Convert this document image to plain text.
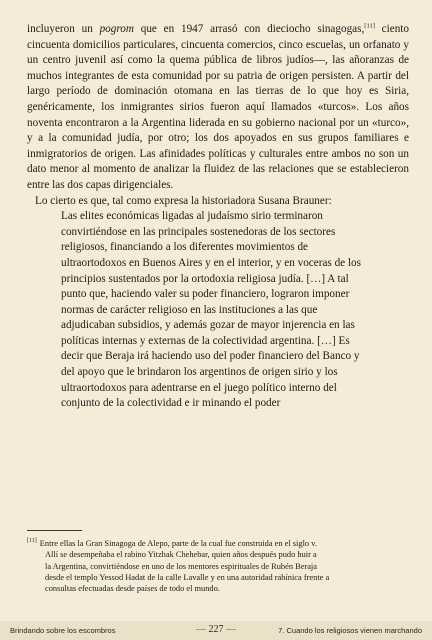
incluyeron un pogrom que en 1947 arrasó con dieciocho sinagogas,[11] ciento cincuenta domicilios particulares, cincuenta comercios, cinco escuelas, un orfanato y un centro juvenil así como la quema pública de libros judíos—, las añoranzas de muchos integrantes de esta comunidad por su patria de origen persisten. A partir del largo período de dominación otomana en las tierras de lo que hoy es Siria, genéricamente, los inmigrantes sirios fueron aquí llamados «turcos». Los años noventa encontraron a la Argentina liderada en su gobierno nacional por un «turco», y a la comunidad judía, por otro; los dos apoyados en sus grupos familiares e inmigratorios de origen. Las afinidades políticas y culturales entre ambos no son un dato menor al momento de analizar la fluidez de las relaciones que se establecieron entre las dos capas dirigenciales.

Lo cierto es que, tal como expresa la historiadora Susana Brauner:

Las elites económicas ligadas al judaísmo sirio terminaron convirtiéndose en las principales sostenedoras de los sectores religiosos, financiando a los diferentes movimientos de ultraortodoxos en Buenos Aires y en el interior, y en voceras de los principios sustentados por la ortodoxia religiosa judía. […] A tal punto que, haciendo valer su poder financiero, lograron imponer normas de carácter religioso en las instituciones a las que adjudicaban subsidios, y además gozar de mayor injerencia en las políticas internas y externas de la colectividad argentina. […] Es decir que Beraja irá haciendo uso del poder financiero del Banco y del apoyo que le brindaron los argentinos de origen sirio y los ultraortodoxos para adentrarse en el juego político interno del conjunto de la colectividad e ir minando el poder

[11] Entre ellas la Gran Sinagoga de Alepo, parte de la cual fue construida en el siglo v.
Allí se desempeñaba el rabino Yitzhak Chehebar, quien años después pudo huir a
la Argentina, convirtiéndose en uno de los mentores espirituales de Rubén Beraja
desde el templo Yessod Hadat de la calle Lavalle y en una autoridad rabínica frente a
consultas efectuadas desde países de todo el mundo.
Brindando sobre los escombros	— 227 —	7. Cuando los religiosos vienen marchando
